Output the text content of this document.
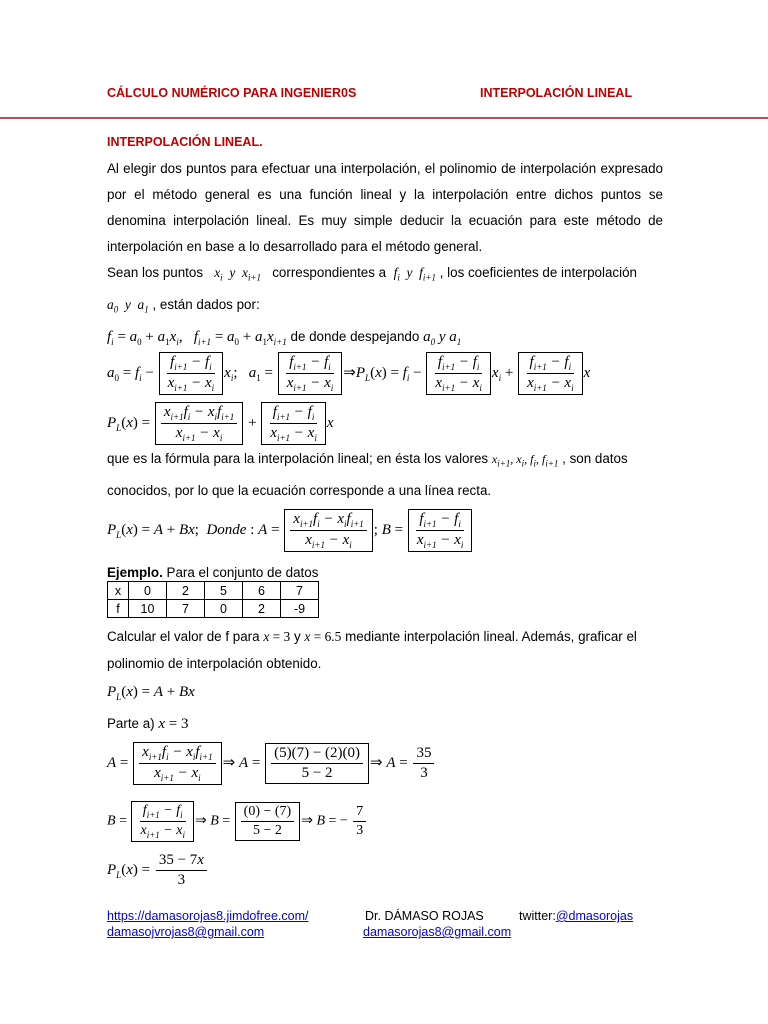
CÁLCULO NUMÉRICO PARA INGENIER0S	INTERPOLACIÓN LINEAL
INTERPOLACIÓN LINEAL.
Al elegir dos puntos para efectuar una interpolación, el polinomio de interpolación expresado por el método general es una función lineal y la interpolación entre dichos puntos se denomina interpolación lineal. Es muy simple deducir la ecuación para este método de interpolación en base a lo desarrollado para el método general.
Sean los puntos $x_i$  y  $x_{i+1}$ correspondientes a $f_i$  y  $f_{i+1}$ , los coeficientes de interpolación
$a_0$  y  $a_1$ , están dados por:
$f_i = a_0 + a_1x_i$,   $f_{i+1} = a_0 + a_1x_{i+1}$ de donde despejando $a_0$ y $a_1$
$a_0 = f_i - \frac{f_{i+1} - f_i}{x_{i+1} - x_i} x_i$;   $a_1 = \frac{f_{i+1} - f_i}{x_{i+1} - x_i}$ $\Rightarrow P_L(x) = f_i - \frac{f_{i+1} - f_i}{x_{i+1} - x_i} x_i + \frac{f_{i+1} - f_i}{x_{i+1} - x_i}$ x
$P_L(x) = \frac{x_{i+1}f_i - x_if_{i+1}}{x_{i+1} - x_i} + \frac{f_{i+1} - f_i}{x_{i+1} - x_i}$ x
que es la fórmula para la interpolación lineal; en ésta los valores $x_{i+1}$, $x_i$, $f_i$, $f_{i+1}$ , son datos
conocidos, por lo que la ecuación corresponde a una línea recta.
$P_L(x) = A + Bx$;  Donde : $A = \frac{x_{i+1}f_i - x_if_{i+1}}{x_{i+1} - x_i}$ ; $B = \frac{f_{i+1} - f_i}{x_{i+1} - x_i}$
Ejemplo. Para el conjunto de datos
x	0	2	5	6	7
f	10	7	0	2	-9
Calcular el valor de f para x = 3 y x = 6.5 mediante interpolación lineal. Además, graficar el
polinomio de interpolación obtenido.
$P_L(x) = A + Bx$
Parte a) x = 3
$A = \frac{x_{i+1}f_i - x_if_{i+1}}{x_{i+1} - x_i}$ ⇒ $A = \frac{(5)(7) - (2)(0)}{5 - 2}$ ⇒ $A = \frac{35}{3}$
$B = \frac{f_{i+1} - f_i}{x_{i+1} - x_i}$ ⇒ $B = \frac{(0) - (7)}{5 - 2}$ ⇒ B = − $\frac{7}{3}$
$P_L(x) = \frac{35 - 7x}{3}$
https://damasorojas8.jimdofree.com/
damasojvrojas8@gmail.com
Dr. DÁMASO ROJAS
damasorojas8@gmail.com
twitter:@dmasorojas
